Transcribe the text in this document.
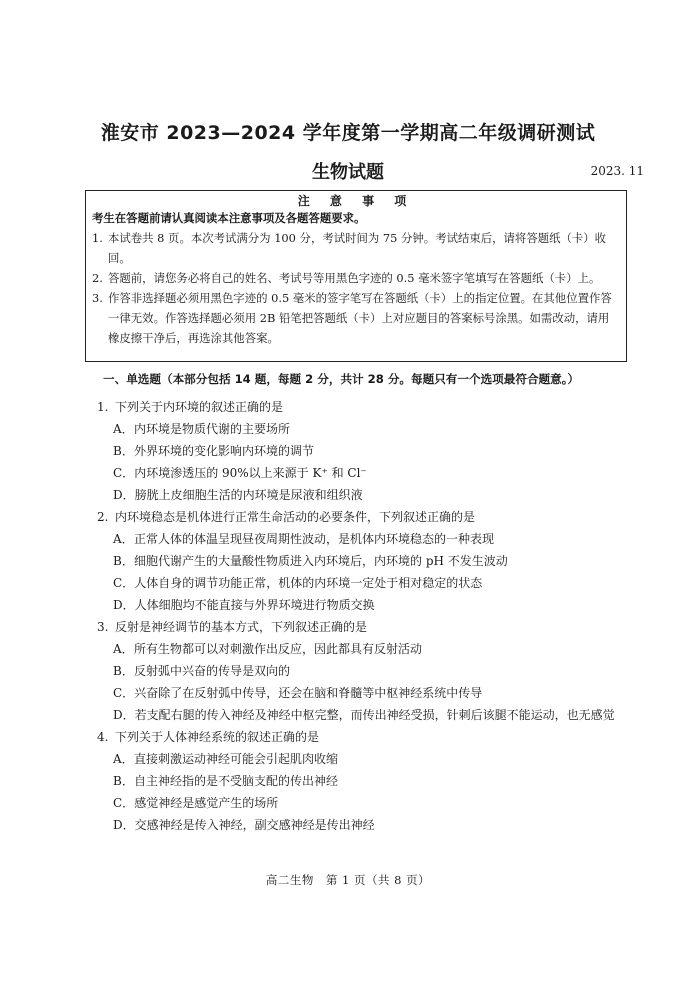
淮安市 2023—2024 学年度第一学期高二年级调研测试
生物试题	2023. 11
注 意 事 项
考生在答题前请认真阅读本注意事项及各题答题要求。
1. 本试卷共 8 页。本次考试满分为 100 分，考试时间为 75 分钟。考试结束后，请将答题纸（卡）收回。
2. 答题前，请您务必将自己的姓名、考试号等用黑色字迹的 0.5 毫米签字笔填写在答题纸（卡）上。
3. 作答非选择题必须用黑色字迹的 0.5 毫米的签字笔写在答题纸（卡）上的指定位置。在其他位置作答一律无效。作答选择题必须用 2B 铅笔把答题纸（卡）上对应题目的答案标号涂黑。如需改动，请用橡皮擦干净后，再选涂其他答案。
一、单选题（本部分包括 14 题，每题 2 分，共计 28 分。每题只有一个选项最符合题意。）
1. 下列关于内环境的叙述正确的是
A． 内环境是物质代谢的主要场所
B． 外界环境的变化影响内环境的调节
C． 内环境渗透压的 90%以上来源于 K⁺ 和 Cl⁻
D． 膀胱上皮细胞生活的内环境是尿液和组织液
2. 内环境稳态是机体进行正常生命活动的必要条件，下列叙述正确的是
A． 正常人体的体温呈现昼夜周期性波动，是机体内环境稳态的一种表现
B． 细胞代谢产生的大量酸性物质进入内环境后，内环境的 pH 不发生波动
C． 人体自身的调节功能正常，机体的内环境一定处于相对稳定的状态
D． 人体细胞均不能直接与外界环境进行物质交换
3. 反射是神经调节的基本方式，下列叙述正确的是
A． 所有生物都可以对刺激作出反应，因此都具有反射活动
B． 反射弧中兴奋的传导是双向的
C． 兴奋除了在反射弧中传导，还会在脑和脊髓等中枢神经系统中传导
D． 若支配右腿的传入神经及神经中枢完整，而传出神经受损，针刺后该腿不能运动，也无感觉
4. 下列关于人体神经系统的叙述正确的是
A． 直接刺激运动神经可能会引起肌肉收缩
B． 自主神经指的是不受脑支配的传出神经
C． 感觉神经是感觉产生的场所
D． 交感神经是传入神经，副交感神经是传出神经
高二生物　第 1 页（共 8 页）
